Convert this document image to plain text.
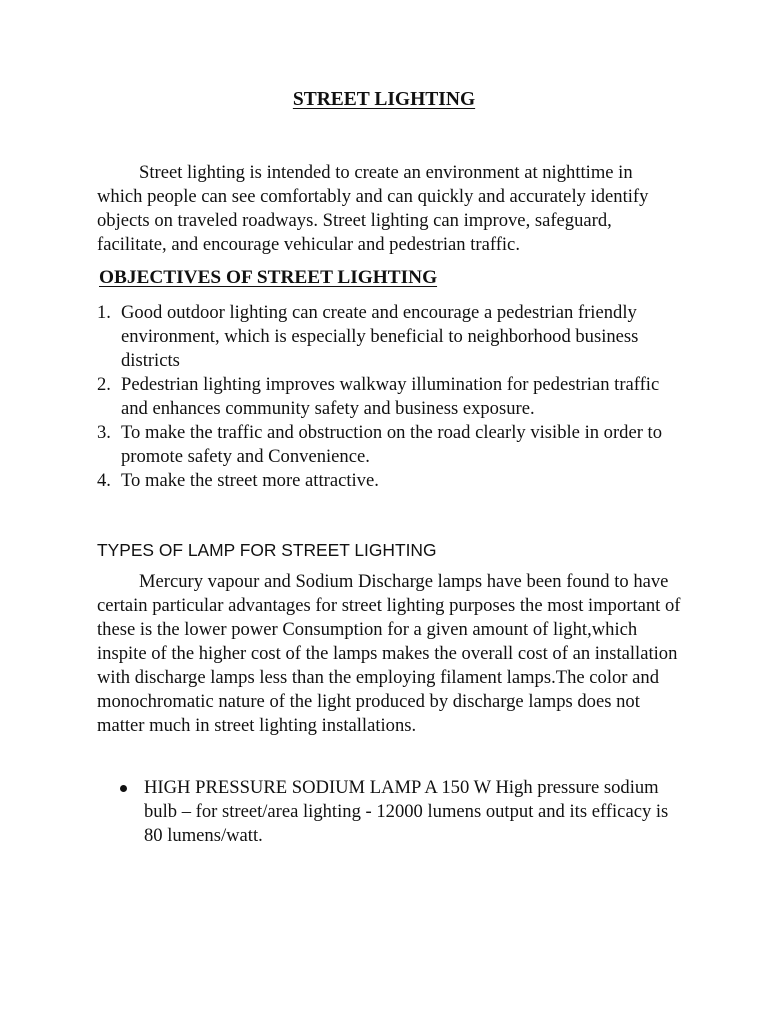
STREET LIGHTING

Street lighting is intended to create an environment at nighttime in which people can see comfortably and can quickly and accurately identify objects on traveled roadways. Street lighting can improve, safeguard, facilitate, and encourage vehicular and pedestrian traffic.

OBJECTIVES OF STREET LIGHTING
1. Good outdoor lighting can create and encourage a pedestrian friendly environment, which is especially beneficial to neighborhood business districts
2. Pedestrian lighting improves walkway illumination for pedestrian traffic and enhances community safety and business exposure.
3. To make the traffic and obstruction on the road clearly visible in order to promote safety and Convenience.
4. To make the street more attractive.
TYPES OF LAMP FOR STREET LIGHTING

Mercury vapour and Sodium Discharge lamps have been found to have certain particular advantages for street lighting purposes the most important of these is the lower power Consumption for a given amount of light,which inspite of the higher cost of the lamps makes the overall cost of an installation with discharge lamps less than the employing filament lamps.The color and monochromatic nature of the light produced by discharge lamps does not matter much in street lighting installations.

HIGH PRESSURE SODIUM LAMP A 150 W High pressure sodium bulb – for street/area lighting - 12000 lumens output and its efficacy is 80 lumens/watt.
